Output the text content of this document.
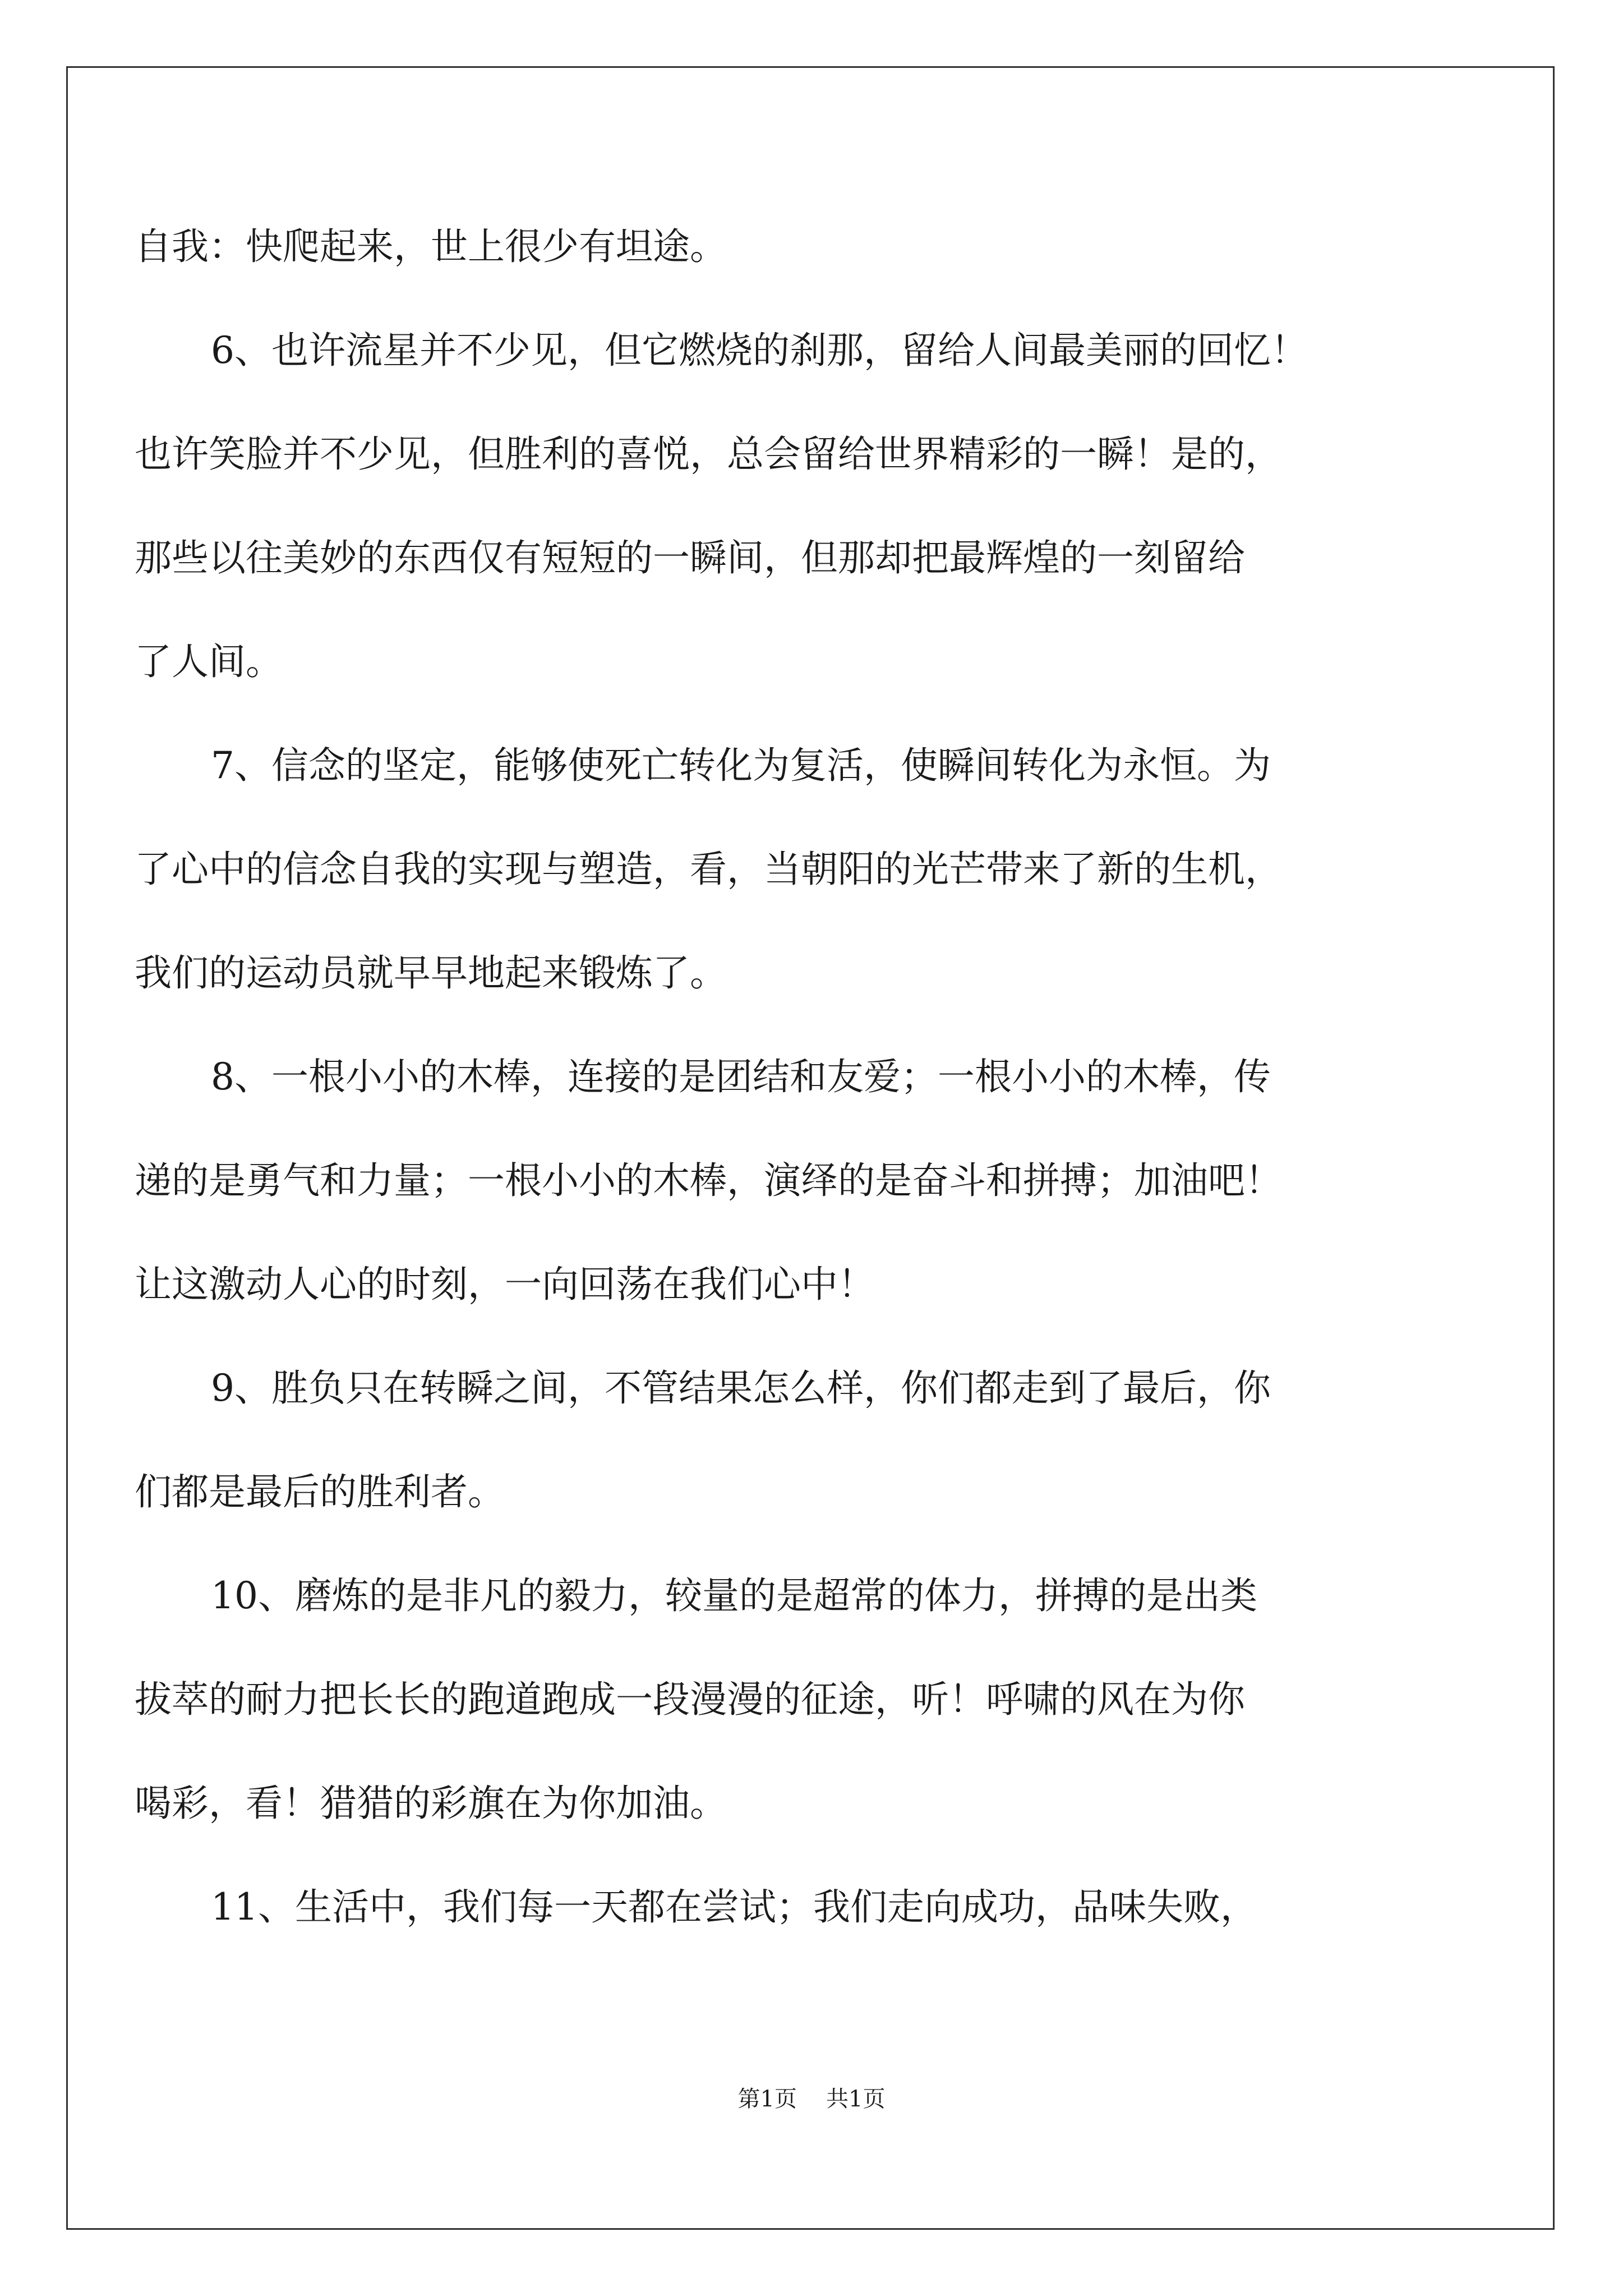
自我：快爬起来，世上很少有坦途。
6、也许流星并不少见，但它燃烧的刹那，留给人间最美丽的回忆！
也许笑脸并不少见，但胜利的喜悦，总会留给世界精彩的一瞬！是的，
那些以往美妙的东西仅有短短的一瞬间，但那却把最辉煌的一刻留给
了人间。
7、信念的坚定，能够使死亡转化为复活，使瞬间转化为永恒。为
了心中的信念自我的实现与塑造，看，当朝阳的光芒带来了新的生机，
我们的运动员就早早地起来锻炼了。
8、一根小小的木棒，连接的是团结和友爱；一根小小的木棒，传
递的是勇气和力量；一根小小的木棒，演绎的是奋斗和拼搏；加油吧！
让这激动人心的时刻，一向回荡在我们心中！
9、胜负只在转瞬之间，不管结果怎么样，你们都走到了最后，你
们都是最后的胜利者。
10、磨炼的是非凡的毅力，较量的是超常的体力，拼搏的是出类
拔萃的耐力把长长的跑道跑成一段漫漫的征途，听！呼啸的风在为你
喝彩，看！猎猎的彩旗在为你加油。
11、生活中，我们每一天都在尝试；我们走向成功，品味失败，
第1页 共1页
